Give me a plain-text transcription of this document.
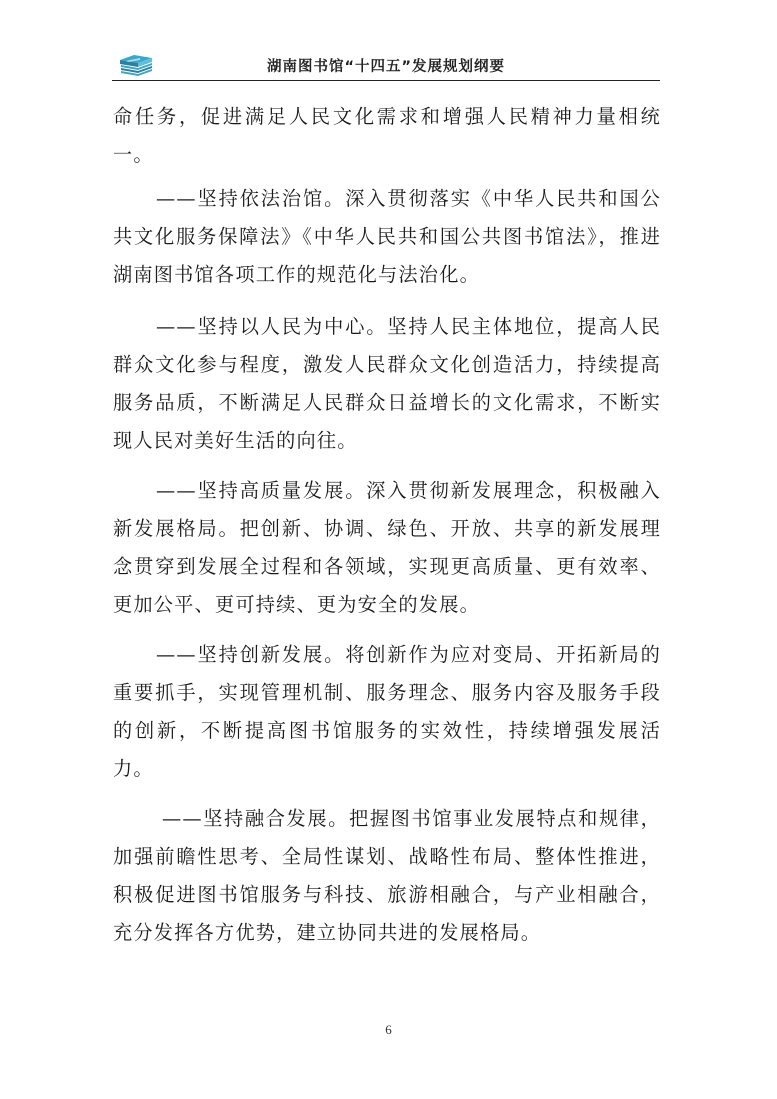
湖南图书馆“十四五”发展规划纲要

命任务，促进满足人民文化需求和增强人民精神力量相统一。

——坚持依法治馆。深入贯彻落实《中华人民共和国公共文化服务保障法》《中华人民共和国公共图书馆法》，推进湖南图书馆各项工作的规范化与法治化。

——坚持以人民为中心。坚持人民主体地位，提高人民群众文化参与程度，激发人民群众文化创造活力，持续提高服务品质，不断满足人民群众日益增长的文化需求，不断实现人民对美好生活的向往。

——坚持高质量发展。深入贯彻新发展理念，积极融入新发展格局。把创新、协调、绿色、开放、共享的新发展理念贯穿到发展全过程和各领域，实现更高质量、更有效率、更加公平、更可持续、更为安全的发展。

——坚持创新发展。将创新作为应对变局、开拓新局的重要抓手，实现管理机制、服务理念、服务内容及服务手段的创新，不断提高图书馆服务的实效性，持续增强发展活力。

——坚持融合发展。把握图书馆事业发展特点和规律，加强前瞻性思考、全局性谋划、战略性布局、整体性推进，积极促进图书馆服务与科技、旅游相融合，与产业相融合，充分发挥各方优势，建立协同共进的发展格局。

6
